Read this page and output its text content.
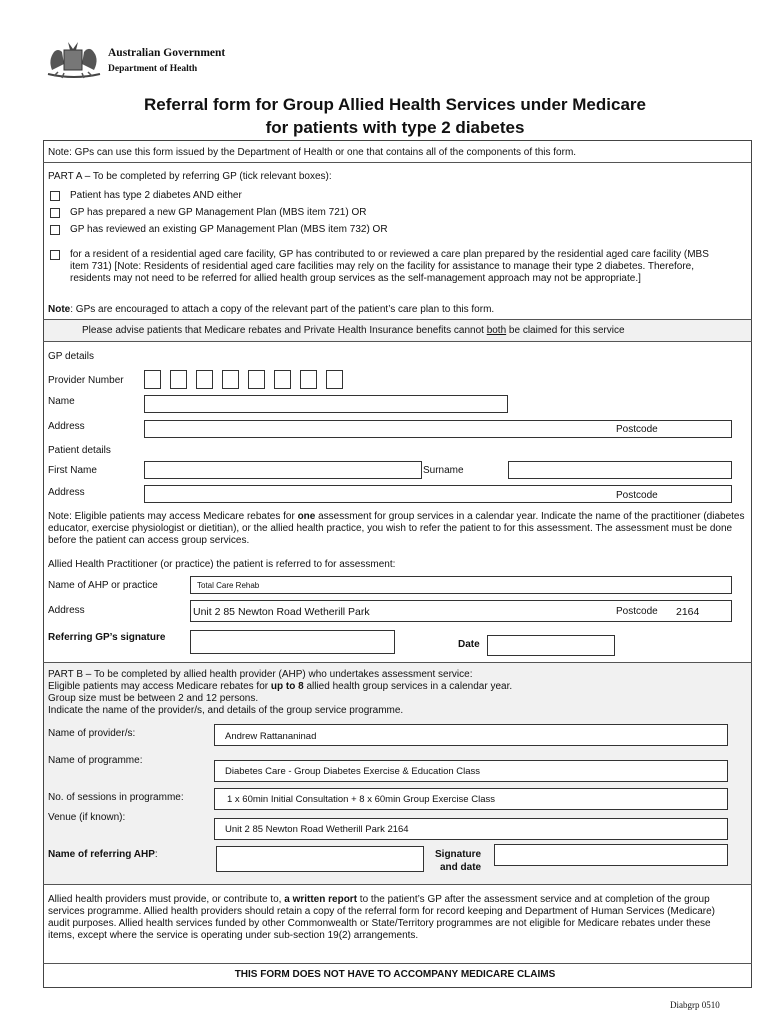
Australian Government
Department of Health
Referral form for Group Allied Health Services under Medicare
for patients with type 2 diabetes
Note: GPs can use this form issued by the Department of Health or one that contains all of the components of this form.
PART A – To be completed by referring GP (tick relevant boxes):
Patient has type 2 diabetes AND either
GP has prepared a new GP Management Plan (MBS item 721) OR
GP has reviewed an existing GP Management Plan (MBS item 732) OR
for a resident of a residential aged care facility, GP has contributed to or reviewed a care plan prepared by the residential aged care facility (MBS item 731) [Note: Residents of residential aged care facilities may rely on the facility for assistance to manage their type 2 diabetes. Therefore, residents may not need to be referred for allied health group services as the self-management approach may not be appropriate.]
Note: GPs are encouraged to attach a copy of the relevant part of the patient’s care plan to this form.
Please advise patients that Medicare rebates and Private Health Insurance benefits cannot both be claimed for this service
GP details
Provider Number
Name
Address	Postcode
Patient details
First Name	Surname
Address	Postcode
Note: Eligible patients may access Medicare rebates for one assessment for group services in a calendar year. Indicate the name of the practitioner (diabetes educator, exercise physiologist or dietitian), or the allied health practice, you wish to refer the patient to for this assessment. The assessment must be done before the patient can access group services.
Allied Health Practitioner (or practice) the patient is referred to for assessment:
Name of AHP or practice	Total Care Rehab
Address	Unit 2 85 Newton Road Wetherill Park	Postcode 2164
Referring GP’s signature
Date
PART B – To be completed by allied health provider (AHP) who undertakes assessment service:
Eligible patients may access Medicare rebates for up to 8 allied health group services in a calendar year.
Group size must be between 2 and 12 persons.
Indicate the name of the provider/s, and details of the group service programme.
Name of provider/s:	Andrew Rattananinad
Name of programme:
Diabetes Care - Group Diabetes Exercise & Education Class
No. of sessions in programme:	1 x 60min Initial Consultation + 8 x 60min Group Exercise Class
Venue (if known):
Unit 2 85 Newton Road Wetherill Park 2164
Name of referring AHP:	Signature
and date
Allied health providers must provide, or contribute to, a written report to the patient’s GP after the assessment service and at completion of the group services programme. Allied health providers should retain a copy of the referral form for record keeping and Department of Human Services (Medicare) audit purposes. Allied health services funded by other Commonwealth or State/Territory programmes are not eligible for Medicare rebates under these items, except where the service is operating under sub-section 19(2) arrangements.
THIS FORM DOES NOT HAVE TO ACCOMPANY MEDICARE CLAIMS
Diabgrp 0510
